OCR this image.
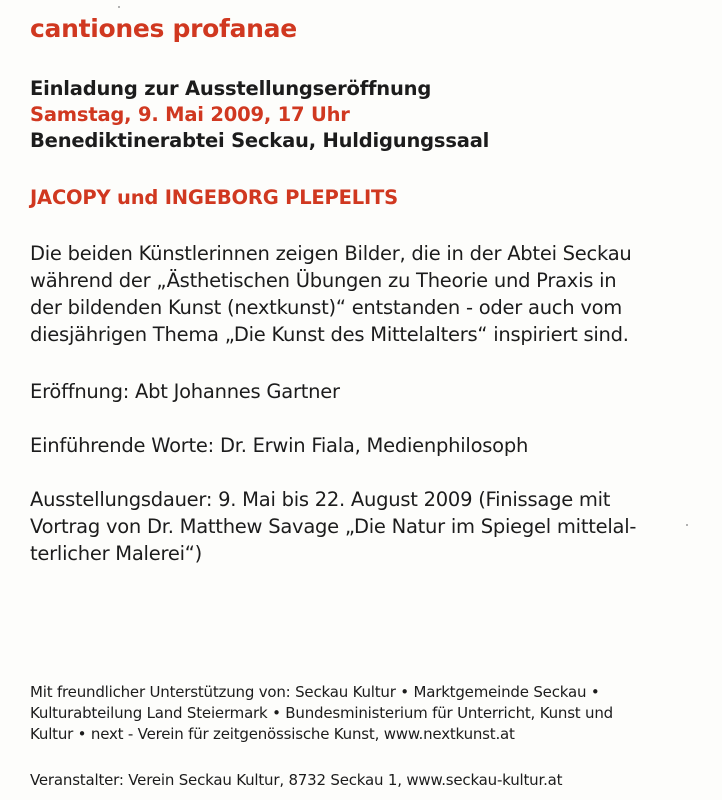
cantiones profanae
Einladung zur Ausstellungseröffnung
Samstag, 9. Mai 2009, 17 Uhr
Benediktinerabtei Seckau, Huldigungssaal
JACOPY und INGEBORG PLEPELITS
Die beiden Künstlerinnen zeigen Bilder, die in der Abtei Seckau
während der „Ästhetischen Übungen zu Theorie und Praxis in
der bildenden Kunst (nextkunst)“ entstanden - oder auch vom
diesjährigen Thema „Die Kunst des Mittelalters“ inspiriert sind.
Eröffnung: Abt Johannes Gartner
Einführende Worte: Dr. Erwin Fiala, Medienphilosoph
Ausstellungsdauer: 9. Mai bis 22. August 2009 (Finissage mit
Vortrag von Dr. Matthew Savage „Die Natur im Spiegel mittelal-
terlicher Malerei“)
Mit freundlicher Unterstützung von: Seckau Kultur • Marktgemeinde Seckau •
Kulturabteilung Land Steiermark • Bundesministerium für Unterricht, Kunst und
Kultur • next - Verein für zeitgenössische Kunst, www.nextkunst.at
Veranstalter: Verein Seckau Kultur, 8732 Seckau 1, www.seckau-kultur.at
